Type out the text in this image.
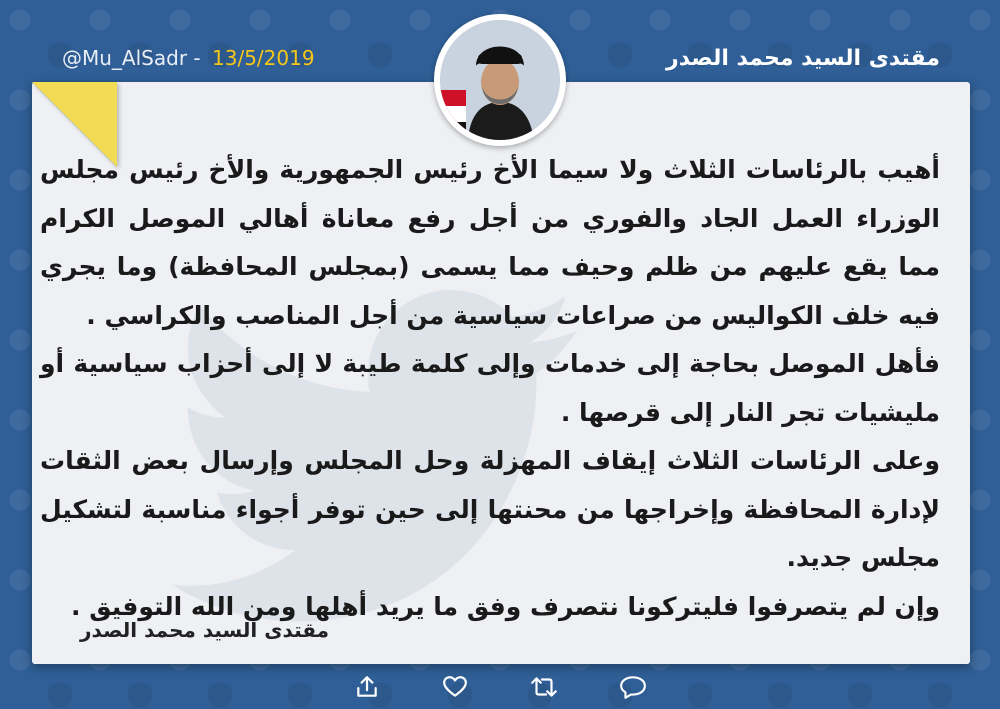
@Mu_AlSadr - 13/5/2019	مقتدى السيد محمد الصدر

أهيب بالرئاسات الثلاث ولا سيما الأخ رئيس الجمهورية والأخ رئيس مجلس الوزراء العمل الجاد والفوري من أجل رفع معاناة أهالي الموصل الكرام مما يقع عليهم من ظلم وحيف مما يسمى (بمجلس المحافظة) وما يجري فيه خلف الكواليس من صراعات سياسية من أجل المناصب والكراسي .

فأهل الموصل بحاجة إلى خدمات وإلى كلمة طيبة لا إلى أحزاب سياسية أو مليشيات تجر النار إلى قرصها .

وعلى الرئاسات الثلاث إيقاف المهزلة وحل المجلس وإرسال بعض الثقات لإدارة المحافظة وإخراجها من محنتها إلى حين توفر أجواء مناسبة لتشكيل مجلس جديد.

وإن لم يتصرفوا فليتركونا نتصرف وفق ما يريد أهلها ومن الله التوفيق .

مقتدى السيد محمد الصدر
